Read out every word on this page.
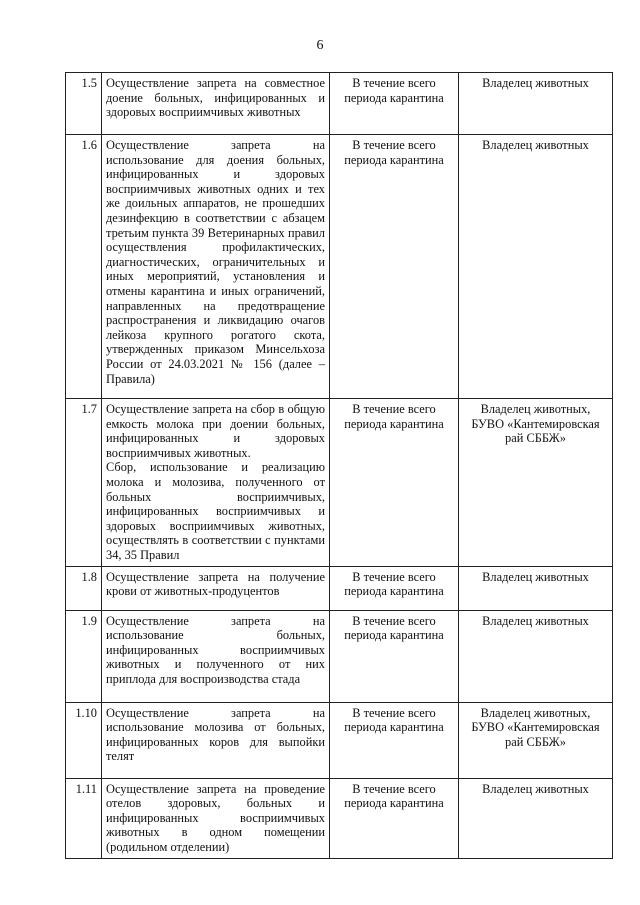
6
1.5	Осуществление запрета на совместное доение больных, инфицированных и здоровых восприимчивых животных	В течение всего периода карантина	Владелец животных
1.6	Осуществление запрета на использование для доения больных, инфицированных и здоровых восприимчивых животных одних и тех же доильных аппаратов, не прошедших дезинфекцию в соответствии с абзацем третьим пункта 39 Ветеринарных правил осуществления профилактических, диагностических, ограничительных и иных мероприятий, установления и отмены карантина и иных ограничений, направленных на предотвращение распространения и ликвидацию очагов лейкоза крупного рогатого скота, утвержденных приказом Минсельхоза России от 24.03.2021 № 156 (далее – Правила)	В течение всего периода карантина	Владелец животных
1.7	Осуществление запрета на сбор в общую емкость молока при доении больных, инфицированных и здоровых восприимчивых животных.
Сбор, использование и реализацию молока и молозива, полученного от больных восприимчивых, инфицированных восприимчивых и здоровых восприимчивых животных, осуществлять в соответствии с пунктами 34, 35 Правил	В течение всего периода карантина	Владелец животных, БУВО «Кантемировская рай СББЖ»
1.8	Осуществление запрета на получение крови от животных-продуцентов	В течение всего периода карантина	Владелец животных
1.9	Осуществление запрета на использование больных, инфицированных восприимчивых животных и полученного от них приплода для воспроизводства стада	В течение всего периода карантина	Владелец животных
1.10	Осуществление запрета на использование молозива от больных, инфицированных коров для выпойки телят	В течение всего периода карантина	Владелец животных, БУВО «Кантемировская рай СББЖ»
1.11	Осуществление запрета на проведение отелов здоровых, больных и инфицированных восприимчивых животных в одном помещении (родильном отделении)	В течение всего периода карантина	Владелец животных
